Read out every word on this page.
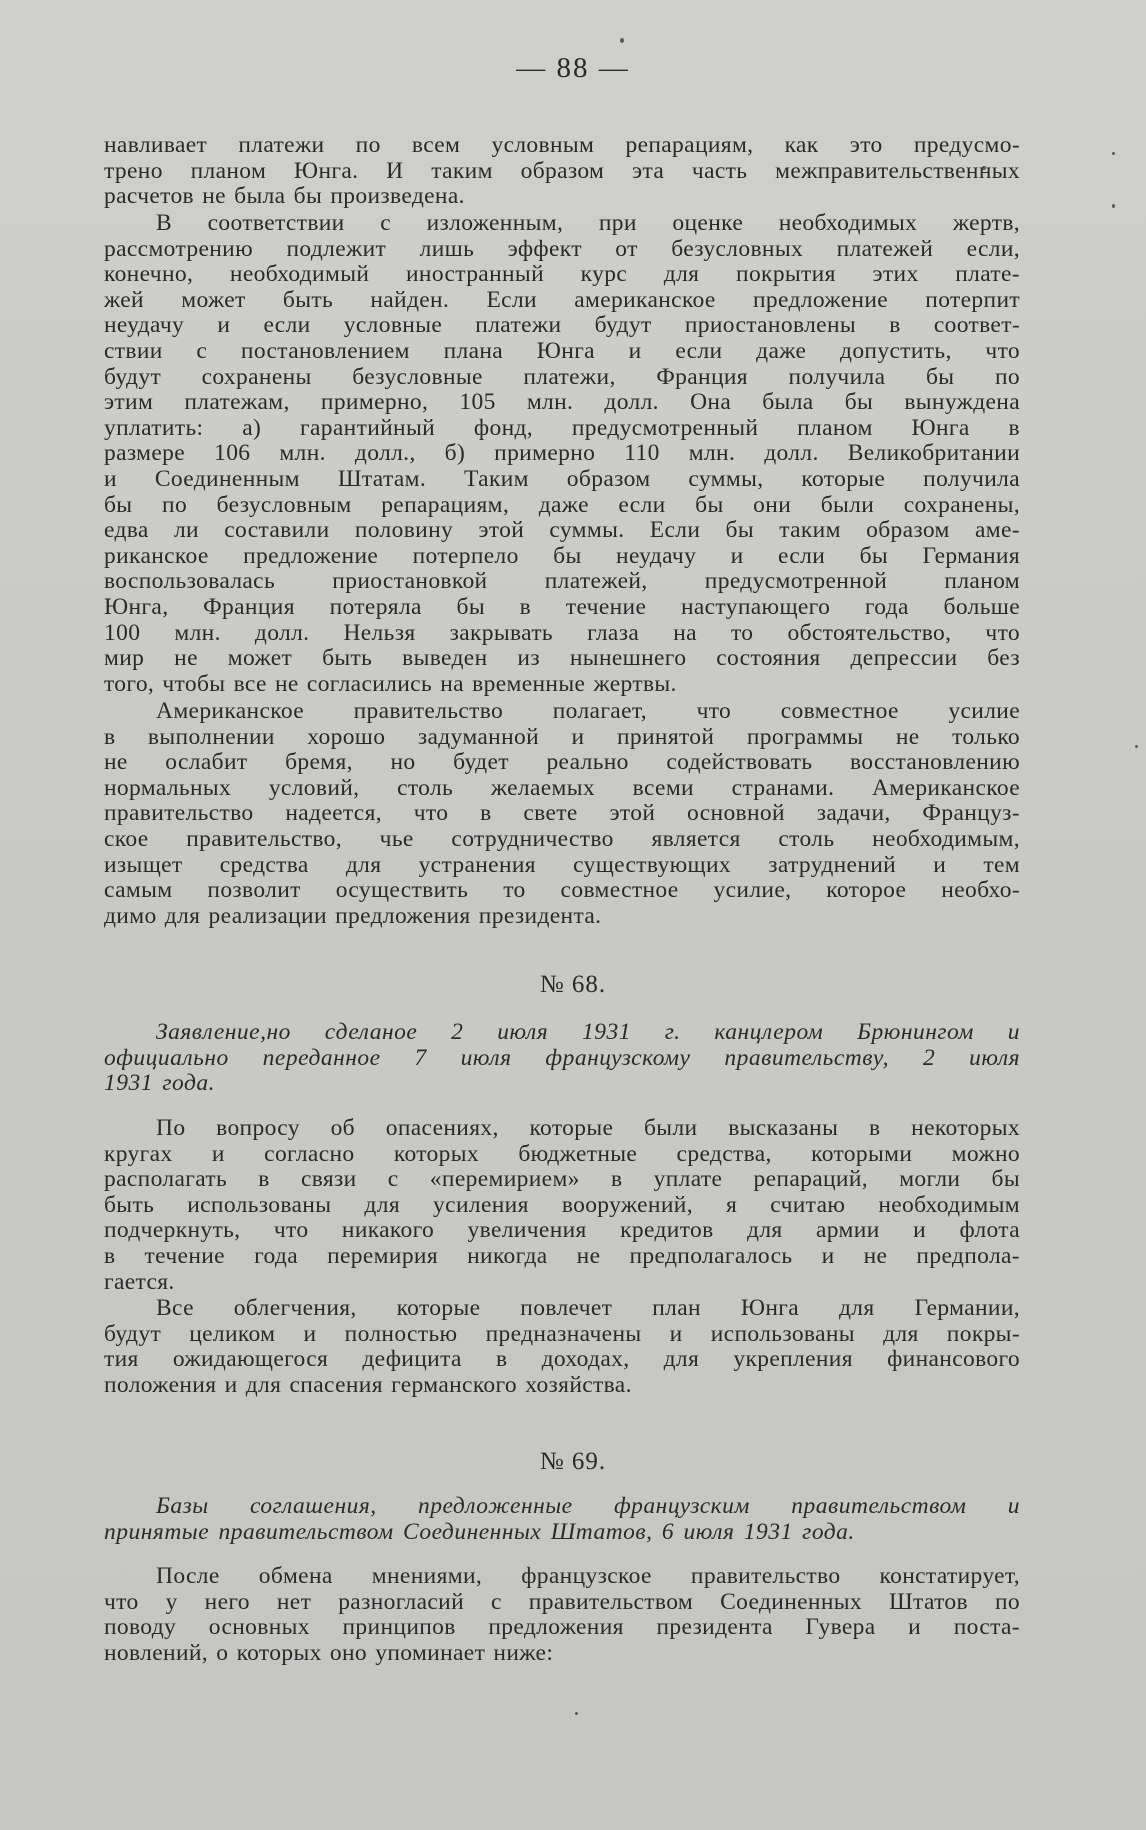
— 88 —

навливает платежи по всем условным репарациям, как это предусмо-

трено планом Юнга. И таким образом эта часть межправительственных

расчетов не была бы произведена.

В соответствии с изложенным, при оценке необходимых жертв,

рассмотрению подлежит лишь эффект от безусловных платежей если,

конечно, необходимый иностранный курс для покрытия этих плате-

жей может быть найден. Если американское предложение потерпит

неудачу и если условные платежи будут приостановлены в соответ-

ствии с постановлением плана Юнга и если даже допустить, что

будут сохранены безусловные платежи, Франция получила бы по

этим платежам, примерно, 105 млн. долл. Она была бы вынуждена

уплатить: а) гарантийный фонд, предусмотренный планом Юнга в

размере 106 млн. долл., б) примерно 110 млн. долл. Великобритании

и Соединенным Штатам. Таким образом суммы, которые получила

бы по безусловным репарациям, даже если бы они были сохранены,

едва ли составили половину этой суммы. Если бы таким образом аме-

риканское предложение потерпело бы неудачу и если бы Германия

воспользовалась приостановкой платежей, предусмотренной планом

Юнга, Франция потеряла бы в течение наступающего года больше

100 млн. долл. Нельзя закрывать глаза на то обстоятельство, что

мир не может быть выведен из нынешнего состояния депрессии без

того, чтобы все не согласились на временные жертвы.

Американское правительство полагает, что совместное усилие

в выполнении хорошо задуманной и принятой программы не только

не ослабит бремя, но будет реально содействовать восстановлению

нормальных условий, столь желаемых всеми странами. Американское

правительство надеется, что в свете этой основной задачи, Француз-

ское правительство, чье сотрудничество является столь необходимым,

изыщет средства для устранения существующих затруднений и тем

самым позволит осуществить то совместное усилие, которое необхо-

димо для реализации предложения президента.

№ 68.

Заявление,но сделаное 2 июля 1931 г. канцлером Брюнингом и

официально переданное 7 июля французскому правительству, 2 июля

1931 года.

По вопросу об опасениях, которые были высказаны в некоторых

кругах и согласно которых бюджетные средства, которыми можно

располагать в связи с «перемирием» в уплате репараций, могли бы

быть использованы для усиления вооружений, я считаю необходимым

подчеркнуть, что никакого увеличения кредитов для армии и флота

в течение года перемирия никогда не предполагалось и не предпола-

гается.

Все облегчения, которые повлечет план Юнга для Германии,

будут целиком и полностью предназначены и использованы для покры-

тия ожидающегося дефицита в доходах, для укрепления финансового

положения и для спасения германского хозяйства.

№ 69.

Базы соглашения, предложенные французским правительством и

принятые правительством Соединенных Штатов, 6 июля 1931 года.

После обмена мнениями, французское правительство констатирует,

что у него нет разногласий с правительством Соединенных Штатов по

поводу основных принципов предложения президента Гувера и поста-

новлений, о которых оно упоминает ниже:
